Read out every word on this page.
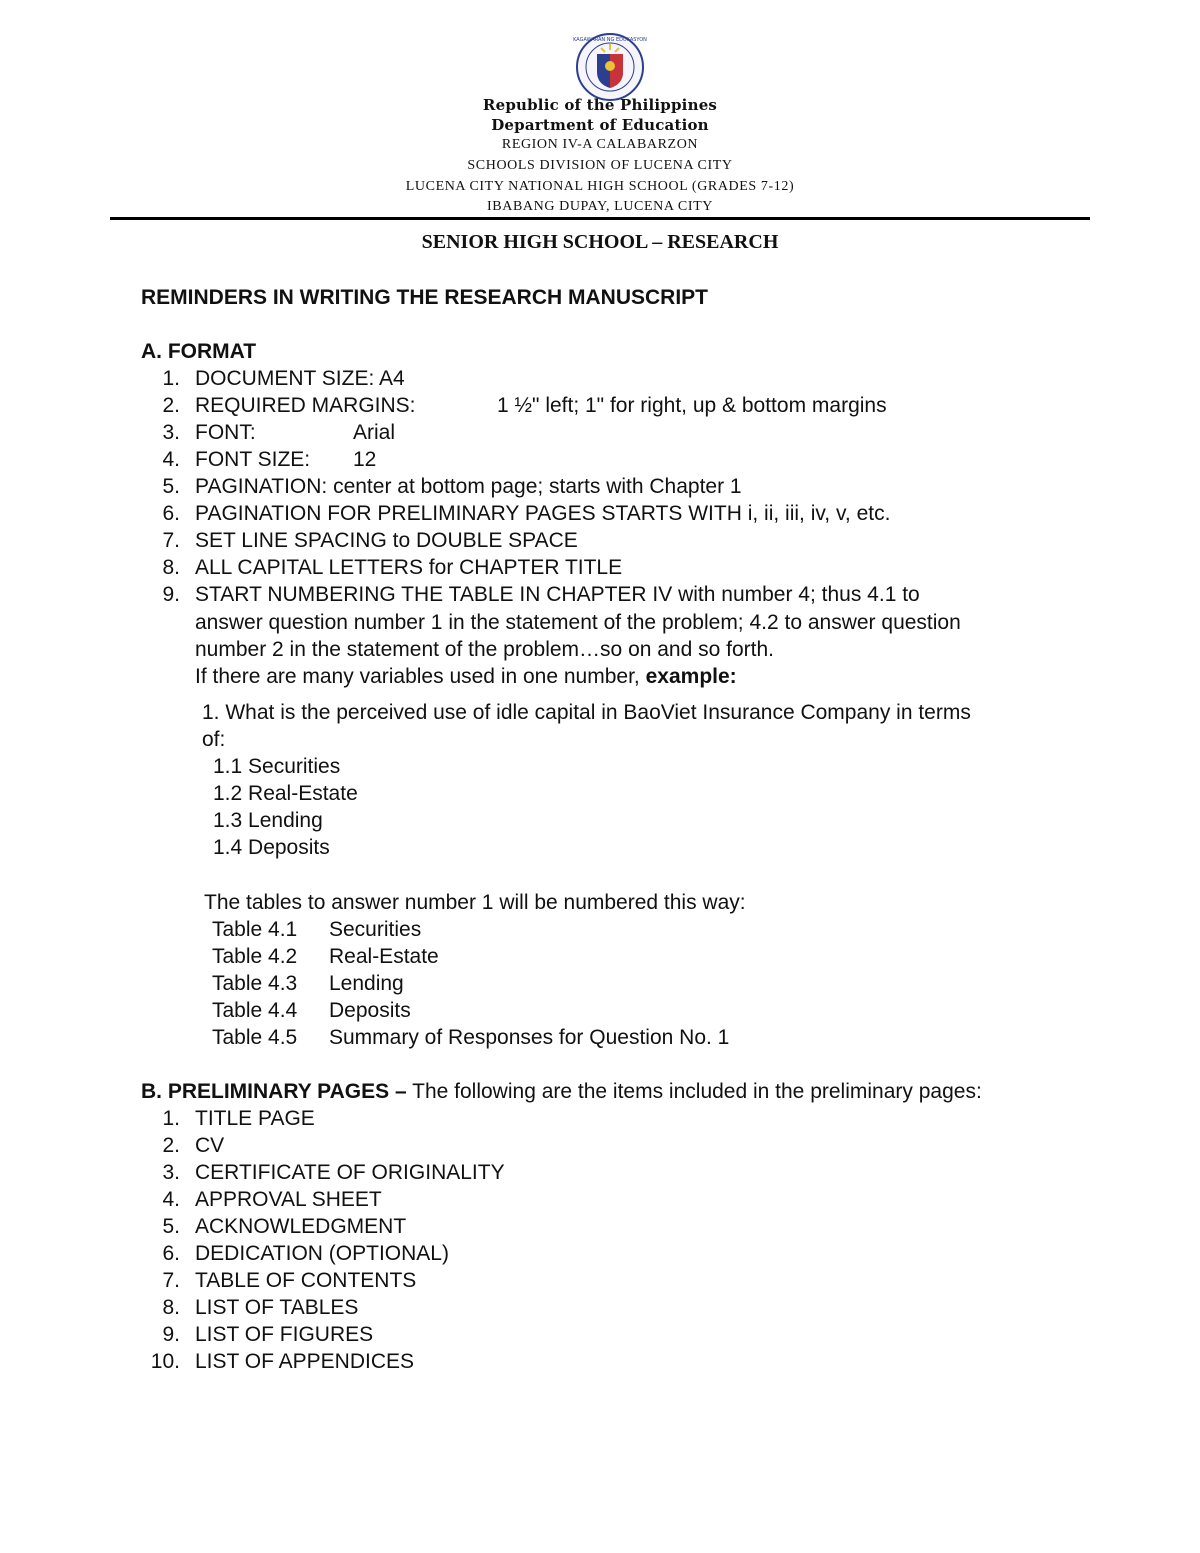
KAGAWARAN NG EDUKASYON
Republic of the Philippines
Department of Education
REGION IV-A CALABARZON
SCHOOLS DIVISION OF LUCENA CITY
LUCENA CITY NATIONAL HIGH SCHOOL (GRADES 7-12)
IBABANG DUPAY, LUCENA CITY
SENIOR HIGH SCHOOL – RESEARCH
REMINDERS IN WRITING THE RESEARCH MANUSCRIPT
A. FORMAT
1. DOCUMENT SIZE: A4
2. REQUIRED MARGINS:	1 ½" left; 1" for right, up & bottom margins
3. FONT:	Arial
4. FONT SIZE: 12
5. PAGINATION: center at bottom page; starts with Chapter 1
6. PAGINATION FOR PRELIMINARY PAGES STARTS WITH i, ii, iii, iv, v, etc.
7. SET LINE SPACING to DOUBLE SPACE
8. ALL CAPITAL LETTERS for CHAPTER TITLE
9. START NUMBERING THE TABLE IN CHAPTER IV with number 4; thus 4.1 to
answer question number 1 in the statement of the problem; 4.2 to answer question
number 2 in the statement of the problem…so on and so forth.
If there are many variables used in one number, example:
1. What is the perceived use of idle capital in BaoViet Insurance Company in terms
of:
1.1 Securities
1.2 Real-Estate
1.3 Lending
1.4 Deposits
The tables to answer number 1 will be numbered this way:
Table 4.1 Securities
Table 4.2 Real-Estate
Table 4.3 Lending
Table 4.4 Deposits
Table 4.5 Summary of Responses for Question No. 1
B. PRELIMINARY PAGES – The following are the items included in the preliminary pages:
1. TITLE PAGE
2. CV
3. CERTIFICATE OF ORIGINALITY
4. APPROVAL SHEET
5. ACKNOWLEDGMENT
6. DEDICATION (OPTIONAL)
7. TABLE OF CONTENTS
8. LIST OF TABLES
9. LIST OF FIGURES
10. LIST OF APPENDICES
